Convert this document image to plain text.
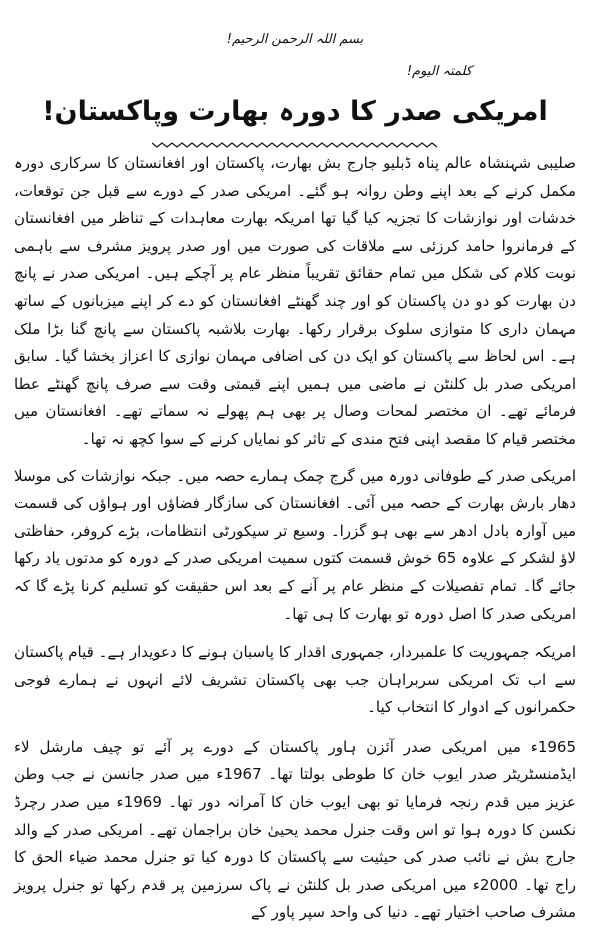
بسم اللہ الرحمن الرحیم!
کلمتہ الیوم!
امریکی صدر کا دورہ بھارت وپاکستان!

صلیبی شہنشاہ عالم پناہ ڈبلیو جارج بش بھارت، پاکستان اور افغانستان کا سرکاری دورہ مکمل کرنے کے بعد اپنے وطن روانہ ہو گئے۔ امریکی صدر کے دورے سے قبل جن توقعات، خدشات اور نوازشات کا تجزیہ کیا گیا تھا امریکہ بھارت معاہدات کے تناظر میں افغانستان کے فرمانروا حامد کرزئی سے ملاقات کی صورت میں اور صدر پرویز مشرف سے باہمی نوبت کلام کی شکل میں تمام حقائق تقریباً منظر عام پر آچکے ہیں۔ امریکی صدر نے پانچ دن بھارت کو دو دن پاکستان کو اور چند گھنٹے افغانستان کو دے کر اپنے میزبانوں کے ساتھ مہمان داری کا متوازی سلوک برقرار رکھا۔ بھارت بلاشبہ پاکستان سے پانچ گنا بڑا ملک ہے۔ اس لحاظ سے پاکستان کو ایک دن کی اضافی مہمان نوازی کا اعزاز بخشا گیا۔ سابق امریکی صدر بل کلنٹن نے ماضی میں ہمیں اپنے قیمتی وقت سے صرف پانچ گھنٹے عطا فرمائے تھے۔ ان مختصر لمحات وصال پر بھی ہم پھولے نہ سماتے تھے۔ افغانستان میں مختصر قیام کا مقصد اپنی فتح مندی کے تاثر کو نمایاں کرنے کے سوا کچھ نہ تھا۔

امریکی صدر کے طوفانی دورہ میں گرج چمک ہمارے حصہ میں۔ جبکہ نوازشات کی موسلا دھار بارش بھارت کے حصہ میں آئی۔ افغانستان کی سازگار فضاؤں اور ہواؤں کی قسمت میں آوارہ بادل ادھر سے بھی ہو گزرا۔ وسیع تر سیکورٹی انتظامات، بڑے کروفر، حفاظتی لاؤ لشکر کے علاوہ 65 خوش قسمت کتوں سمیت امریکی صدر کے دورہ کو مدتوں یاد رکھا جائے گا۔ تمام تفصیلات کے منظر عام پر آنے کے بعد اس حقیقت کو تسلیم کرنا پڑے گا کہ امریکی صدر کا اصل دورہ تو بھارت کا ہی تھا۔

امریکہ جمہوریت کا علمبردار، جمہوری اقدار کا پاسبان ہونے کا دعویدار ہے۔ قیام پاکستان سے اب تک امریکی سربراہان جب بھی پاکستان تشریف لائے انہوں نے ہمارے فوجی حکمرانوں کے ادوار کا انتخاب کیا۔

1965ء میں امریکی صدر آئزن ہاور پاکستان کے دورے پر آئے تو چیف مارشل لاء ایڈمنسٹریٹر صدر ایوب خان کا طوطی بولتا تھا۔ 1967ء میں صدر جانسن نے جب وطن عزیز میں قدم رنجہ فرمایا تو بھی ایوب خان کا آمرانہ دور تھا۔ 1969ء میں صدر رچرڈ نکسن کا دورہ ہوا تو اس وقت جنرل محمد یحییٰ خان براجمان تھے۔ امریکی صدر کے والد جارج بش نے نائب صدر کی حیثیت سے پاکستان کا دورہ کیا تو جنرل محمد ضیاء الحق کا راج تھا۔ 2000ء میں امریکی صدر بل کلنٹن نے پاک سرزمین پر قدم رکھا تو جنرل پرویز مشرف صاحب اختیار تھے۔ دنیا کی واحد سپر پاور کے
